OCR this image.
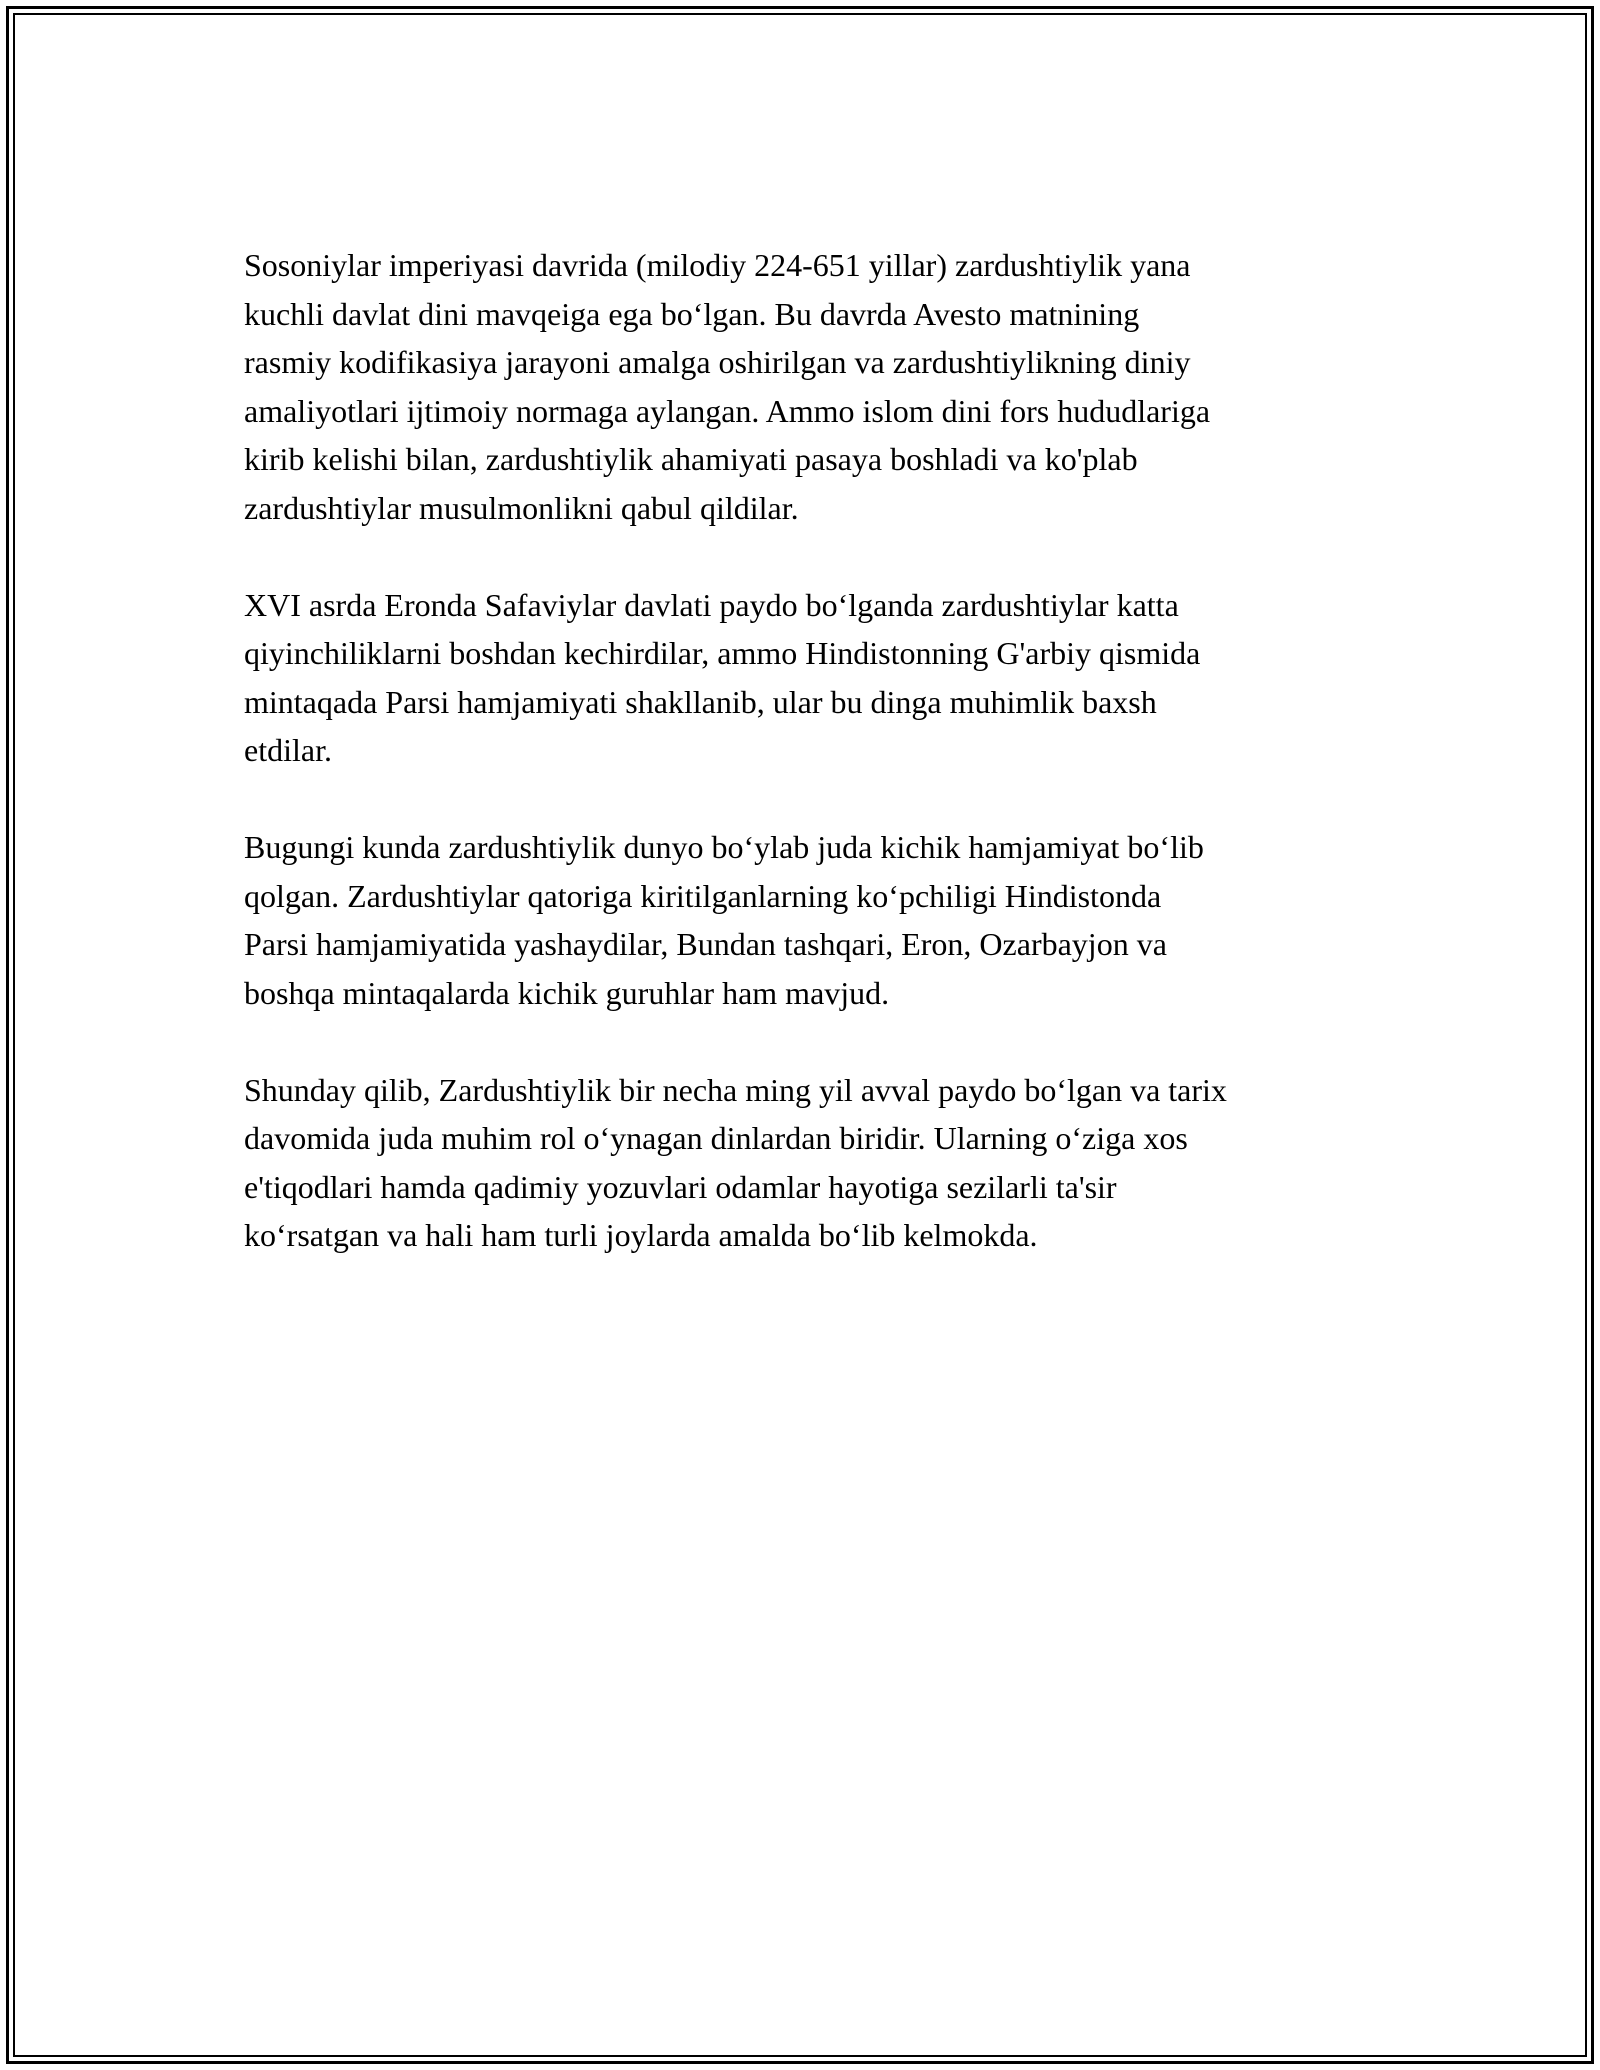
Sosoniylar imperiyasi davrida (milodiy 224-651 yillar) zardushtiylik yana
kuchli davlat dini mavqeiga ega bo‘lgan. Bu davrda Avesto matnining
rasmiy kodifikasiya jarayoni amalga oshirilgan va zardushtiylikning diniy
amaliyotlari ijtimoiy normaga aylangan. Ammo islom dini fors hududlariga
kirib kelishi bilan, zardushtiylik ahamiyati pasaya boshladi va ko'plab
zardushtiylar musulmonlikni qabul qildilar.

XVI asrda Eronda Safaviylar davlati paydo bo‘lganda zardushtiylar katta
qiyinchiliklarni boshdan kechirdilar, ammo Hindistonning G'arbiy qismida
mintaqada Parsi hamjamiyati shakllanib, ular bu dinga muhimlik baxsh
etdilar.

Bugungi kunda zardushtiylik dunyo bo‘ylab juda kichik hamjamiyat bo‘lib
qolgan. Zardushtiylar qatoriga kiritilganlarning ko‘pchiligi Hindistonda
Parsi hamjamiyatida yashaydilar, Bundan tashqari, Eron, Ozarbayjon va
boshqa mintaqalarda kichik guruhlar ham mavjud.

Shunday qilib, Zardushtiylik bir necha ming yil avval paydo bo‘lgan va tarix
davomida juda muhim rol o‘ynagan dinlardan biridir. Ularning o‘ziga xos
e'tiqodlari hamda qadimiy yozuvlari odamlar hayotiga sezilarli ta'sir
ko‘rsatgan va hali ham turli joylarda amalda bo‘lib kelmokda.
